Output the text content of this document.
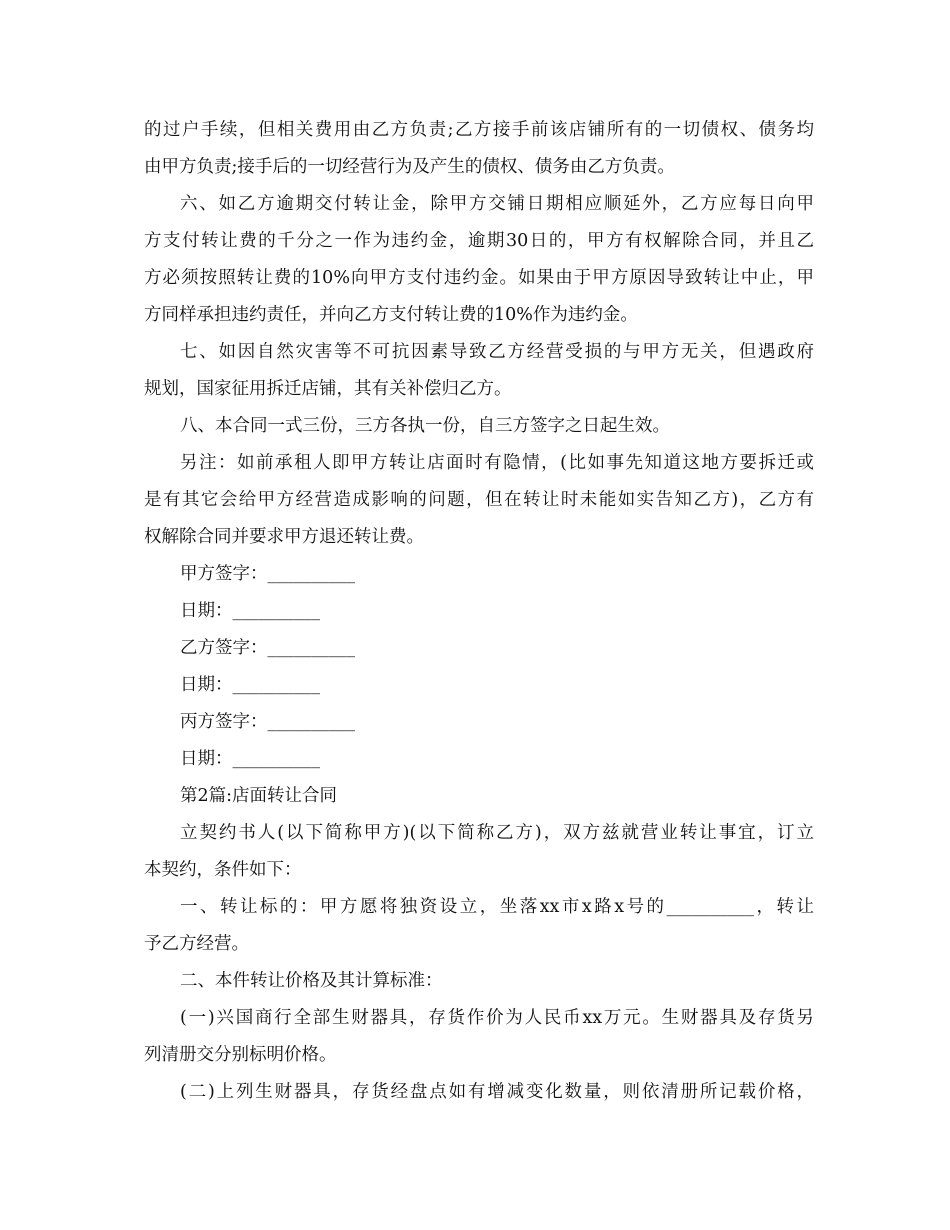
的过户手续，但相关费用由乙方负责;乙方接手前该店铺所有的一切债权、债务均
由甲方负责;接手后的一切经营行为及产生的债权、债务由乙方负责。
六、如乙方逾期交付转让金，除甲方交铺日期相应顺延外，乙方应每日向甲
方支付转让费的千分之一作为违约金，逾期30日的，甲方有权解除合同，并且乙
方必须按照转让费的10%向甲方支付违约金。如果由于甲方原因导致转让中止，甲
方同样承担违约责任，并向乙方支付转让费的10%作为违约金。
七、如因自然灾害等不可抗因素导致乙方经营受损的与甲方无关，但遇政府
规划，国家征用拆迁店铺，其有关补偿归乙方。
八、本合同一式三份，三方各执一份，自三方签字之日起生效。
另注：如前承租人即甲方转让店面时有隐情，(比如事先知道这地方要拆迁或
是有其它会给甲方经营造成影响的问题，但在转让时未能如实告知乙方)，乙方有
权解除合同并要求甲方退还转让费。
甲方签字：__________
日期：__________
乙方签字：__________
日期：__________
丙方签字：__________
日期：__________
第2篇:店面转让合同
立契约书人(以下简称甲方)(以下简称乙方)，双方兹就营业转让事宜，订立
本契约，条件如下：
一、转让标的：甲方愿将独资设立，坐落xx市x路x号的__________，转让
予乙方经营。
二、本件转让价格及其计算标准：
(一)兴国商行全部生财器具，存货作价为人民币xx万元。生财器具及存货另
列清册交分别标明价格。
(二)上列生财器具，存货经盘点如有增减变化数量，则依清册所记载价格，
